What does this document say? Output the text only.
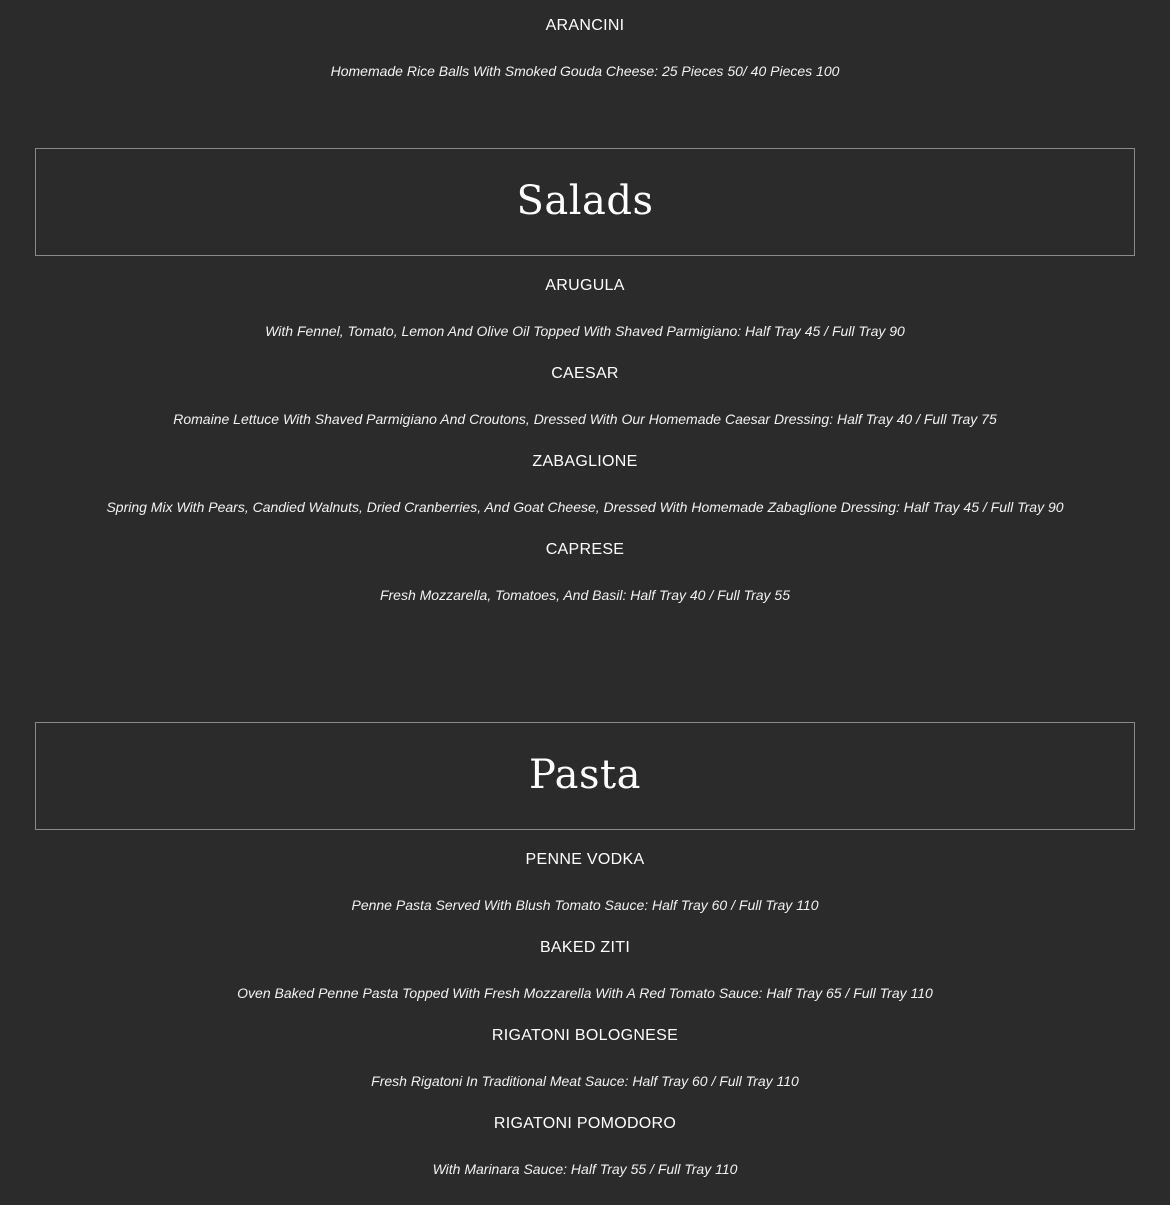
ARANCINI
Homemade Rice Balls With Smoked Gouda Cheese: 25 Pieces 50/ 40 Pieces 100
Salads
ARUGULA
With Fennel, Tomato, Lemon And Olive Oil Topped With Shaved Parmigiano: Half Tray 45 / Full Tray 90
CAESAR
Romaine Lettuce With Shaved Parmigiano And Croutons, Dressed With Our Homemade Caesar Dressing: Half Tray 40 / Full Tray 75
ZABAGLIONE
Spring Mix With Pears, Candied Walnuts, Dried Cranberries, And Goat Cheese, Dressed With Homemade Zabaglione Dressing: Half Tray 45 / Full Tray 90
CAPRESE
Fresh Mozzarella, Tomatoes, And Basil: Half Tray 40 / Full Tray 55
Pasta
PENNE VODKA
Penne Pasta Served With Blush Tomato Sauce: Half Tray 60 / Full Tray 110
BAKED ZITI
Oven Baked Penne Pasta Topped With Fresh Mozzarella With A Red Tomato Sauce: Half Tray 65 / Full Tray 110
RIGATONI BOLOGNESE
Fresh Rigatoni In Traditional Meat Sauce: Half Tray 60 / Full Tray 110
RIGATONI POMODORO
With Marinara Sauce: Half Tray 55 / Full Tray 110
